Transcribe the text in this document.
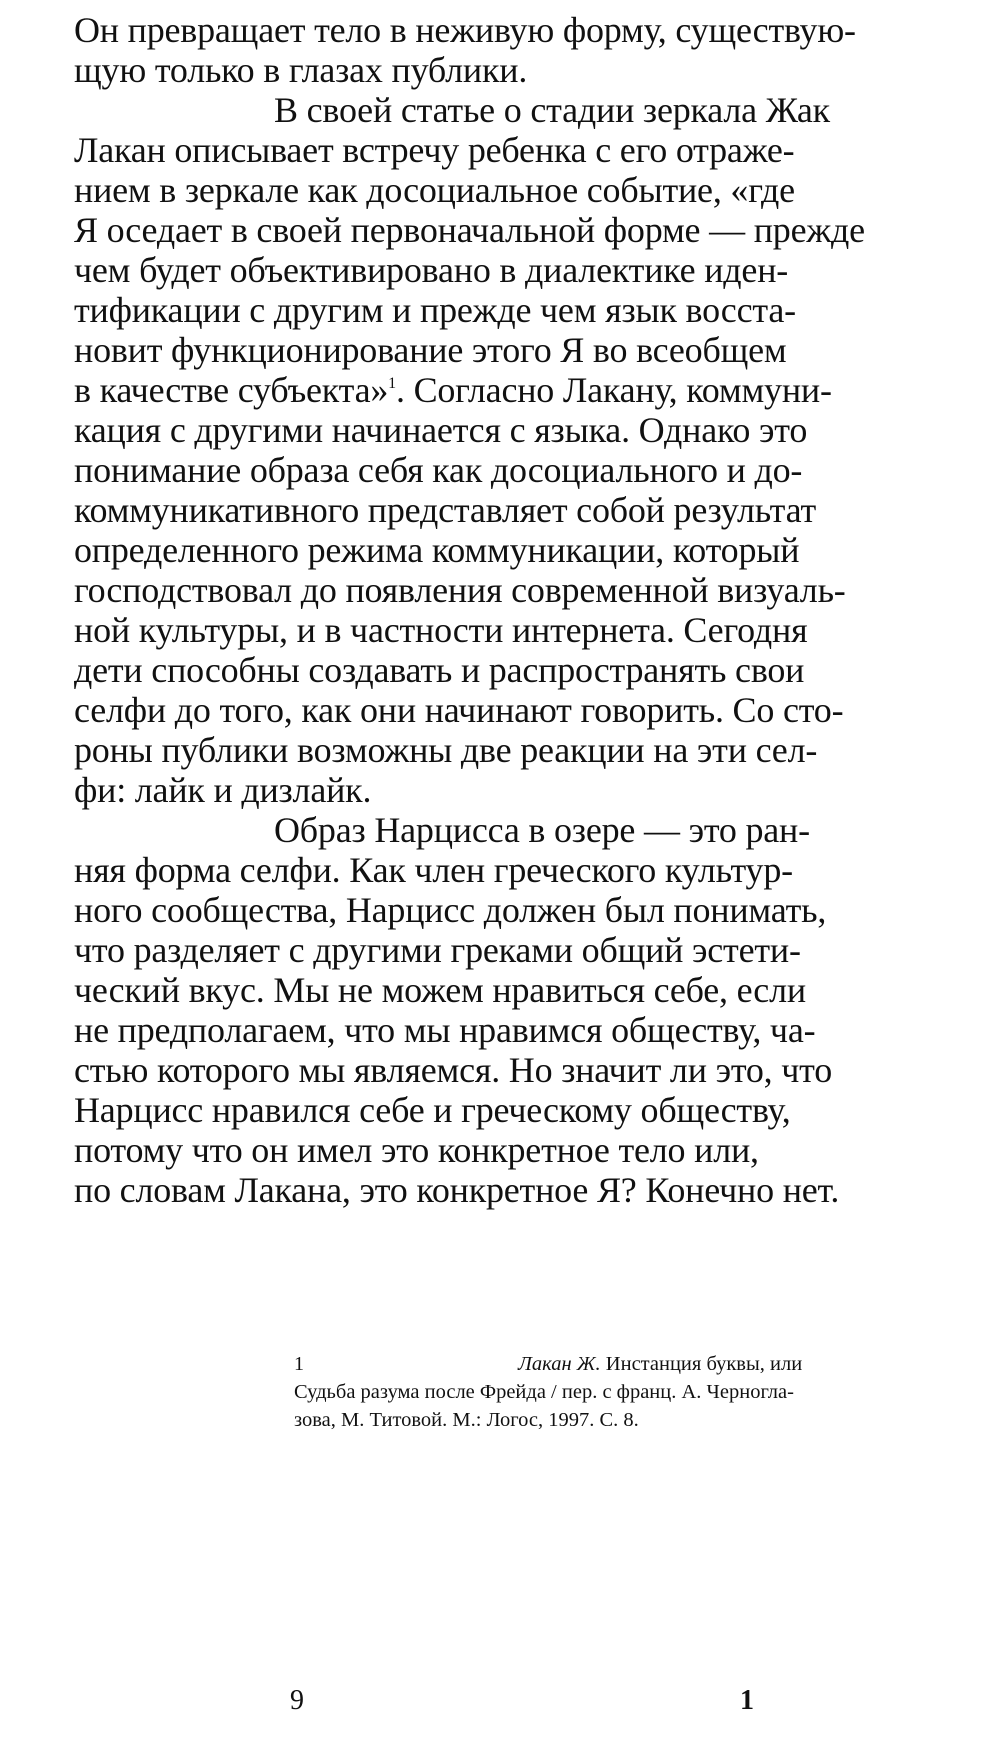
Он превращает тело в неживую форму, существую-
щую только в глазах публики.
В своей статье о стадии зеркала Жак
Лакан описывает встречу ребенка с его отраже-
нием в зеркале как досоциальное событие, «где
Я оседает в своей первоначальной форме — прежде
чем будет объективировано в диалектике иден-
тификации с другим и прежде чем язык восста-
новит функционирование этого Я во всеобщем
в качестве субъекта»$^1$. Согласно Лакану, коммуни-
кация с другими начинается с языка. Однако это
понимание образа себя как досоциального и до-
коммуникативного представляет собой результат
определенного режима коммуникации, который
господствовал до появления современной визуаль-
ной культуры, и в частности интернета. Сегодня
дети способны создавать и распространять свои
селфи до того, как они начинают говорить. Со сто-
роны публики возможны две реакции на эти сел-
фи: лайк и дизлайк.
Образ Нарцисса в озере — это ран-
няя форма селфи. Как член греческого культур-
ного сообщества, Нарцисс должен был понимать,
что разделяет с другими греками общий эстети-
ческий вкус. Мы не можем нравиться себе, если
не предполагаем, что мы нравимся обществу, ча-
стью которого мы являемся. Но значит ли это, что
Нарцисс нравился себе и греческому обществу,
потому что он имел это конкретное тело или,
по словам Лакана, это конкретное Я? Конечно нет.
1	Лакан Ж. Инстанция буквы, или
Судьба разума после Фрейда / пер. с франц. А. Черногла-
зова, М. Титовой. М.: Логос, 1997. С. 8.
9	1
